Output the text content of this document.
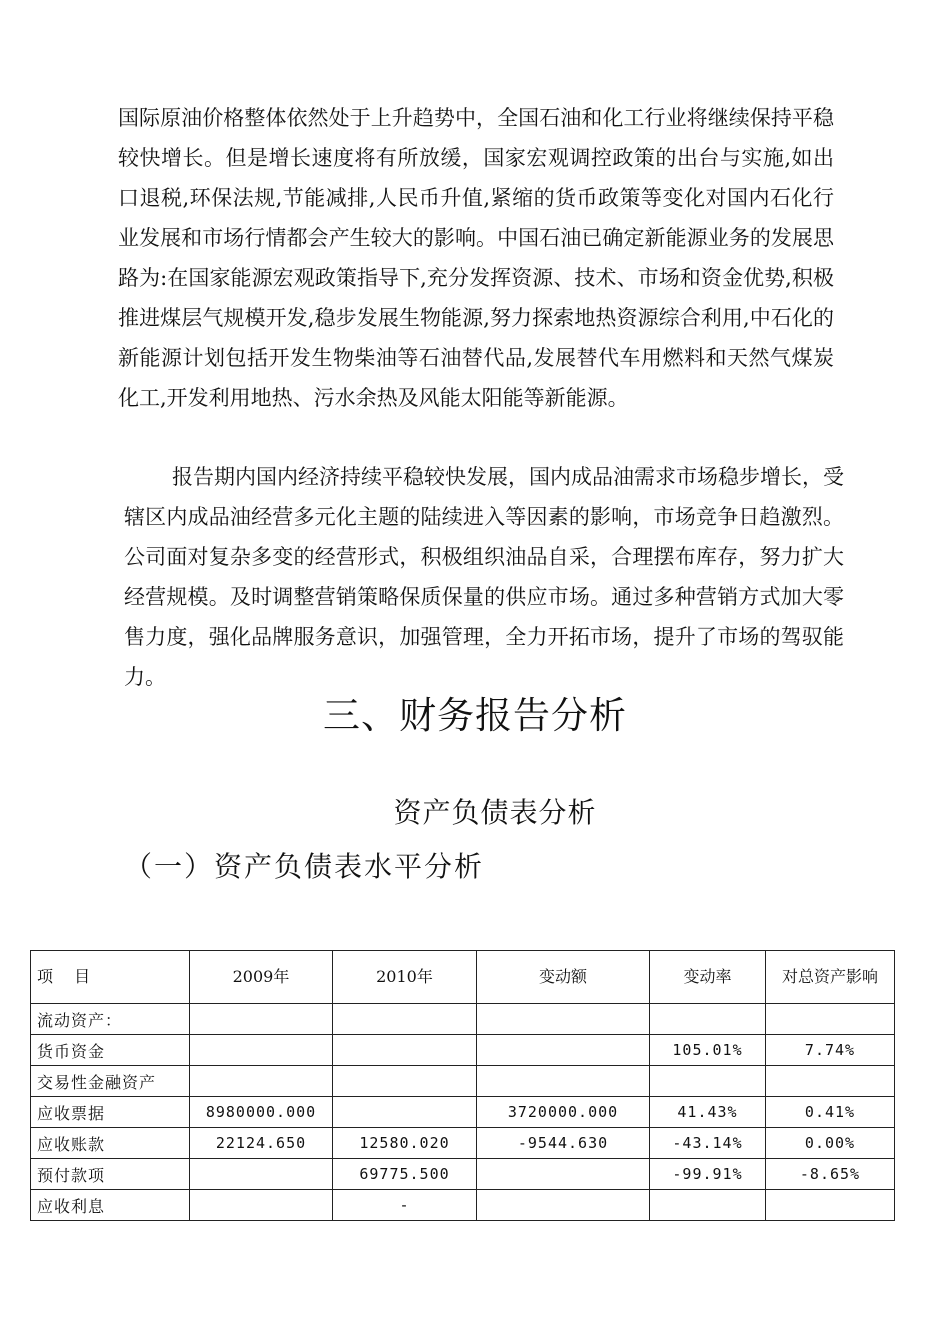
国际原油价格整体依然处于上升趋势中，全国石油和化工行业将继续保持平稳较快增长。但是增长速度将有所放缓，国家宏观调控政策的出台与实施,如出口退税,环保法规,节能减排,人民币升值,紧缩的货币政策等变化对国内石化行业发展和市场行情都会产生较大的影响。中国石油已确定新能源业务的发展思路为:在国家能源宏观政策指导下,充分发挥资源、技术、市场和资金优势,积极推进煤层气规模开发,稳步发展生物能源,努力探索地热资源综合利用,中石化的新能源计划包括开发生物柴油等石油替代品,发展替代车用燃料和天然气煤炭化工,开发利用地热、污水余热及风能太阳能等新能源。

报告期内国内经济持续平稳较快发展，国内成品油需求市场稳步增长，受辖区内成品油经营多元化主题的陆续进入等因素的影响，市场竞争日趋激烈。公司面对复杂多变的经营形式，积极组织油品自采，合理摆布库存，努力扩大经营规模。及时调整营销策略保质保量的供应市场。通过多种营销方式加大零售力度，强化品牌服务意识，加强管理，全力开拓市场，提升了市场的驾驭能力。

三、财务报告分析
资产负债表分析
（一）资产负债表水平分析
项 目	2009年	2010年	变动额	变动率	对总资产影响
流动资产：					
货币资金				105.01%	7.74%
交易性金融资产					
应收票据	8980000.000		3720000.000	41.43%	0.41%
应收账款	22124.650	12580.020	-9544.630	-43.14%	0.00%
预付款项		69775.500		-99.91%	-8.65%
应收利息		-			
